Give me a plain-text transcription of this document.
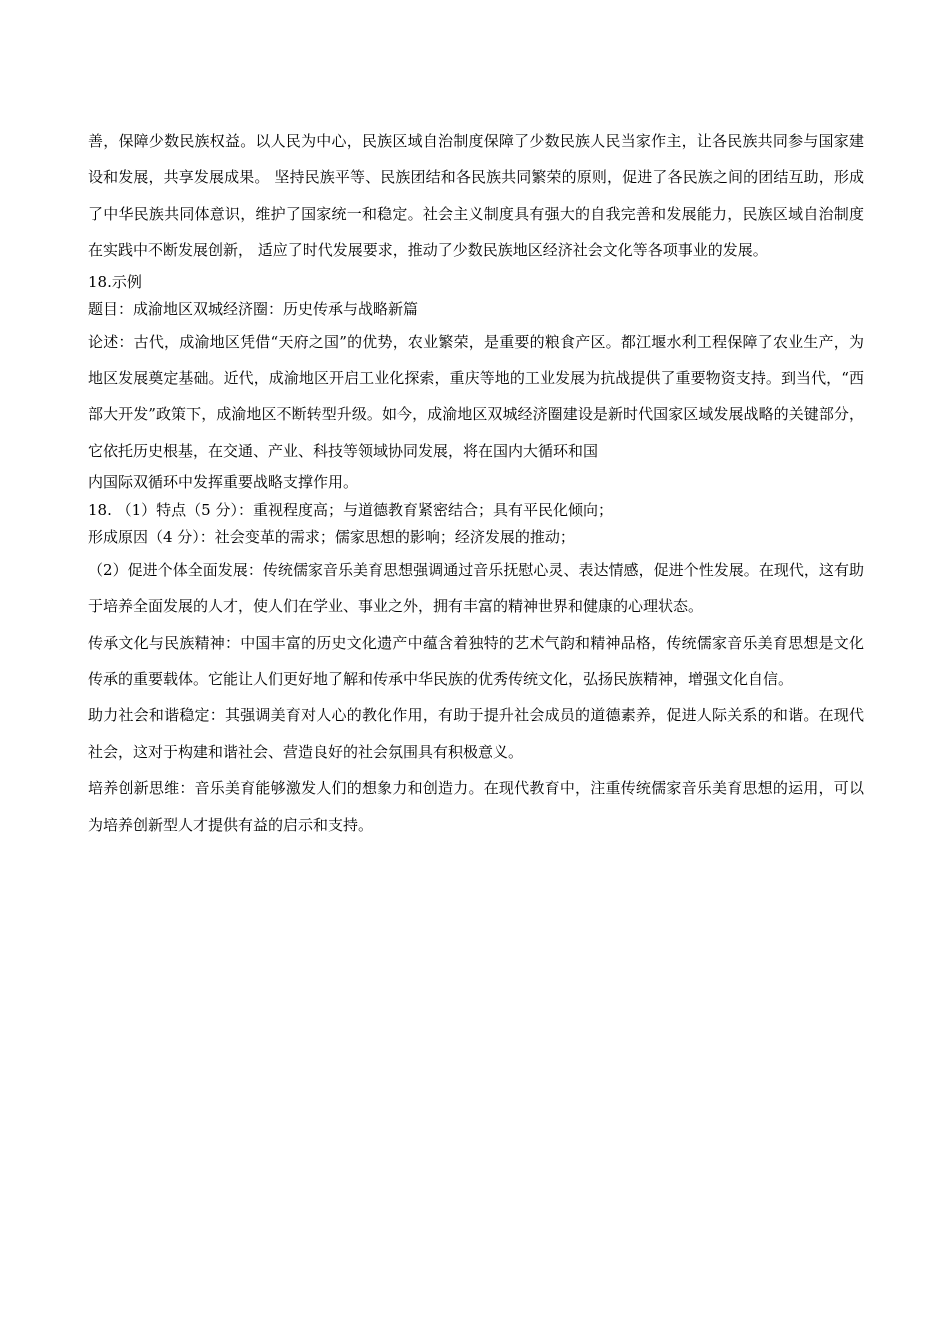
善，保障少数民族权益。以人民为中心，民族区域自治制度保障了少数民族人民当家作主，让各民族共同参与国家建设和发展，共享发展成果。 坚持民族平等、民族团结和各民族共同繁荣的原则，促进了各民族之间的团结互助，形成了中华民族共同体意识，维护了国家统一和稳定。社会主义制度具有强大的自我完善和发展能力，民族区域自治制度在实践中不断发展创新， 适应了时代发展要求，推动了少数民族地区经济社会文化等各项事业的发展。

18.示例

题目：成渝地区双城经济圈：历史传承与战略新篇

论述：古代，成渝地区凭借“天府之国”的优势，农业繁荣，是重要的粮食产区。都江堰水利工程保障了农业生产，为地区发展奠定基础。近代，成渝地区开启工业化探索，重庆等地的工业发展为抗战提供了重要物资支持。到当代，“西部大开发”政策下，成渝地区不断转型升级。如今，成渝地区双城经济圈建设是新时代国家区域发展战略的关键部分，它依托历史根基，在交通、产业、科技等领域协同发展，将在国内大循环和国

内国际双循环中发挥重要战略支撑作用。

18. （1）特点（5 分）：重视程度高；与道德教育紧密结合；具有平民化倾向；

形成原因（4 分）：社会变革的需求；儒家思想的影响；经济发展的推动；

（2）促进个体全面发展：传统儒家音乐美育思想强调通过音乐抚慰心灵、表达情感，促进个性发展。在现代，这有助于培养全面发展的人才，使人们在学业、事业之外，拥有丰富的精神世界和健康的心理状态。

传承文化与民族精神：中国丰富的历史文化遗产中蕴含着独特的艺术气韵和精神品格，传统儒家音乐美育思想是文化传承的重要载体。它能让人们更好地了解和传承中华民族的优秀传统文化，弘扬民族精神，增强文化自信。

助力社会和谐稳定：其强调美育对人心的教化作用，有助于提升社会成员的道德素养，促进人际关系的和谐。在现代社会，这对于构建和谐社会、营造良好的社会氛围具有积极意义。

培养创新思维：音乐美育能够激发人们的想象力和创造力。在现代教育中，注重传统儒家音乐美育思想的运用，可以为培养创新型人才提供有益的启示和支持。
